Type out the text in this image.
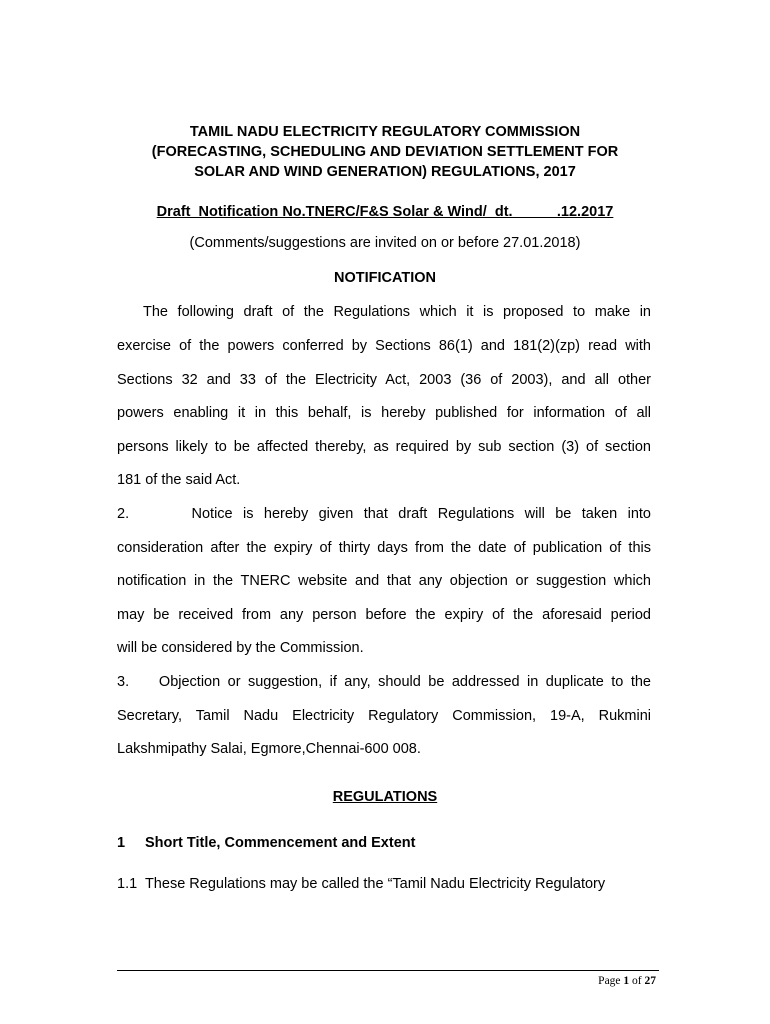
TAMIL NADU ELECTRICITY REGULATORY COMMISSION
(FORECASTING, SCHEDULING AND DEVIATION SETTLEMENT FOR
SOLAR AND WIND GENERATION) REGULATIONS, 2017
Draft  Notification No.TNERC/F&S Solar & Wind/  dt.           .12.2017
(Comments/suggestions are invited on or before 27.01.2018)
NOTIFICATION
The following draft of the Regulations which it is proposed to make in
exercise of the powers conferred by Sections 86(1) and 181(2)(zp) read with
Sections 32 and 33 of the Electricity Act, 2003 (36 of 2003), and all other
powers enabling it in this behalf, is hereby published for information of all
persons likely to be affected thereby, as required by sub section (3) of section
181 of the said Act.
2.      Notice is hereby given that draft Regulations will be taken into
consideration after the expiry of thirty days from the date of publication of this
notification in the TNERC website and that any objection or suggestion which
may be received from any person before the expiry of the aforesaid period
will be considered by the Commission.
3.    Objection or suggestion, if any, should be addressed in duplicate to the
Secretary, Tamil Nadu Electricity Regulatory Commission, 19-A, Rukmini
Lakshmipathy Salai, Egmore,Chennai-600 008.
REGULATIONS
1 Short Title, Commencement and Extent
1.1  These Regulations may be called the “Tamil Nadu Electricity Regulatory
Page 1 of 27
